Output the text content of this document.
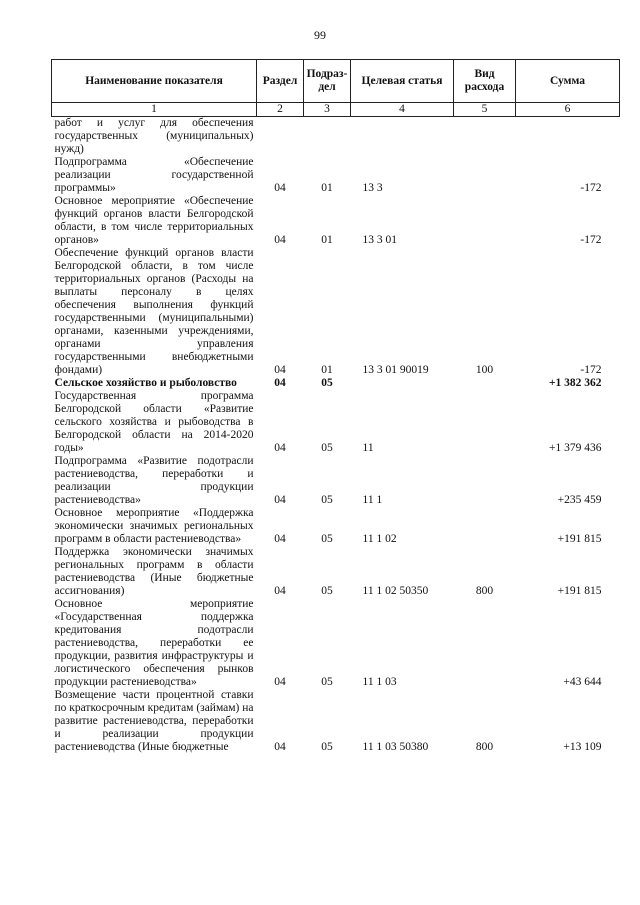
99
Наименование показателя	Раздел	Подраз-дел	Целевая статья	Вид расхода	Сумма
1	2	3	4	5	6
работ и услуг для обеспечения государственных (муниципальных) нужд)					
Подпрограмма «Обеспечение реализации государственной программы»	04	01	13 3		-172
Основное мероприятие «Обеспечение функций органов власти Белгородской области, в том числе территориальных органов»	04	01	13 3 01		-172
Обеспечение функций органов власти Белгородской области, в том числе территориальных органов (Расходы на выплаты персоналу в целях обеспечения выполнения функций государственными (муниципальными) органами, казенными учреждениями, органами управления государственными внебюджетными фондами)	04	01	13 3 01 90019	100	-172
Сельское хозяйство и рыболовство	04	05			+1 382 362
Государственная программа Белгородской области «Развитие сельского хозяйства и рыбоводства в Белгородской области на 2014-2020 годы»	04	05	11		+1 379 436
Подпрограмма «Развитие подотрасли растениеводства, переработки и реализации продукции растениеводства»	04	05	11 1		+235 459
Основное мероприятие «Поддержка экономически значимых региональных программ в области растениеводства»	04	05	11 1 02		+191 815
Поддержка экономически значимых региональных программ в области растениеводства (Иные бюджетные ассигнования)	04	05	11 1 02 50350	800	+191 815
Основное мероприятие «Государственная поддержка кредитования подотрасли растениеводства, переработки ее продукции, развития инфраструктуры и логистического обеспечения рынков продукции растениеводства»	04	05	11 1 03		+43 644
Возмещение части процентной ставки по краткосрочным кредитам (займам) на развитие растениеводства, переработки и реализации продукции растениеводства (Иные бюджетные	04	05	11 1 03 50380	800	+13 109
